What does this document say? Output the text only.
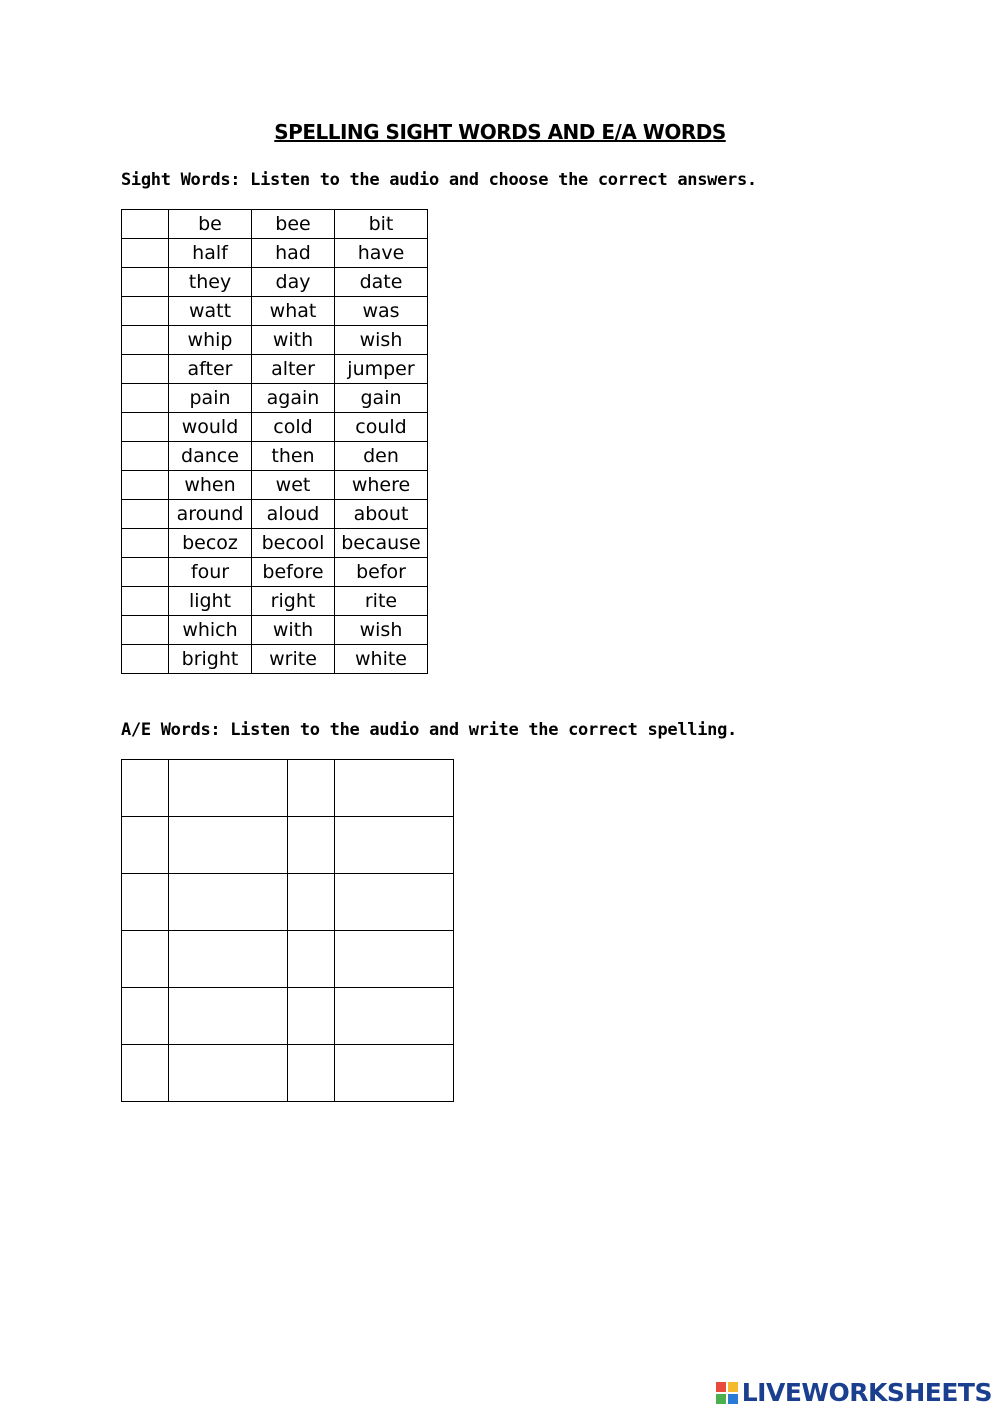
SPELLING SIGHT WORDS AND E/A WORDS
Sight Words: Listen to the audio and choose the correct answers.
	be	bee	bit
	half	had	have
	they	day	date
	watt	what	was
	whip	with	wish
	after	alter	jumper
	pain	again	gain
	would	cold	could
	dance	then	den
	when	wet	where
	around	aloud	about
	becoz	becool	because
	four	before	befor
	light	right	rite
	which	with	wish
	bright	write	white
A/E Words: Listen to the audio and write the correct spelling.

LIVEWORKSHEETS
